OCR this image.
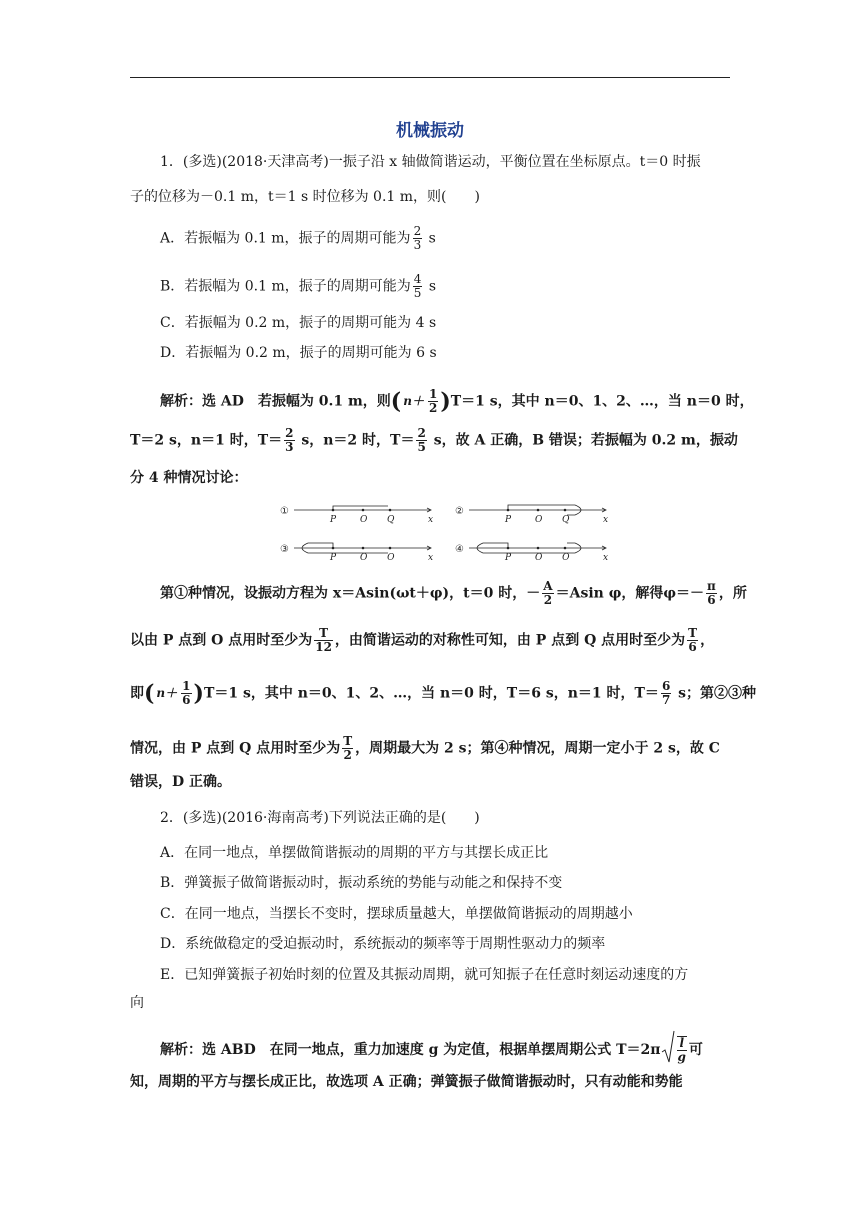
机械振动
1．(多选)(2018·天津高考)一振子沿 x 轴做简谐运动，平衡位置在坐标原点。t＝0 时振
子的位移为－0.1 m，t＝1 s 时位移为 0.1 m，则(　　)
A．若振幅为 0.1 m，振子的周期可能为 $\frac{2}{3}$ s
B．若振幅为 0.1 m，振子的周期可能为 $\frac{4}{5}$ s
C．若振幅为 0.2 m，振子的周期可能为 4 s
D．若振幅为 0.2 m，振子的周期可能为 6 s
解析：选 AD　若振幅为 0.1 m，则( $n+ \frac{1}{2} )T=1$ s，其中 n＝0、1、2、…，当 n＝0 时，
T＝2 s，n＝1 时，$T= \frac{2}{3}$ s，n＝2 时，$T= \frac{2}{5}$ s，故 A 正确，B 错误；若振幅为 0.2 m，振动
分 4 种情况讨论：
①
P	O Q	x
②
P	O Q	x
③
P	O Q	x
④
P	O Q	x
第①种情况，设振动方程为 x＝Asin(ωt＋φ)，t＝0 时，－ $\frac{A}{2} =Asin$ φ，解得$\varphi=- \frac{\pi}{6}$ ，所
以由 P 点到 O 点用时至少为 $\frac{T}{12}$ ，由简谐运动的对称性可知，由 P 点到 Q 点用时至少为 $\frac{T}{6}$ ，
即( $n+ \frac{1}{6} )T=1$ s，其中 n＝0、1、2、…，当 n＝0 时，T＝6 s，n＝1 时，$T= \frac{6}{7}$ s；第②③种
情况，由 P 点到 Q 点用时至少为 $\frac{T}{2}$ ，周期最大为 2 s；第④种情况，周期一定小于 2 s，故 C
错误，D 正确。
2．(多选)(2016·海南高考)下列说法正确的是(　　)
A．在同一地点，单摆做简谐振动的周期的平方与其摆长成正比
B．弹簧振子做简谐振动时，振动系统的势能与动能之和保持不变
C．在同一地点，当摆长不变时，摆球质量越大，单摆做简谐振动的周期越小
D．系统做稳定的受迫振动时，系统振动的频率等于周期性驱动力的频率
E．已知弹簧振子初始时刻的位置及其振动周期，就可知振子在任意时刻运动速度的方
向
解析：选 ABD　在同一地点，重力加速度 g 为定值，根据单摆周期公式 $T=2\pi \frac{l}{g}$ 可
知，周期的平方与摆长成正比，故选项 A 正确；弹簧振子做简谐振动时，只有动能和势能
